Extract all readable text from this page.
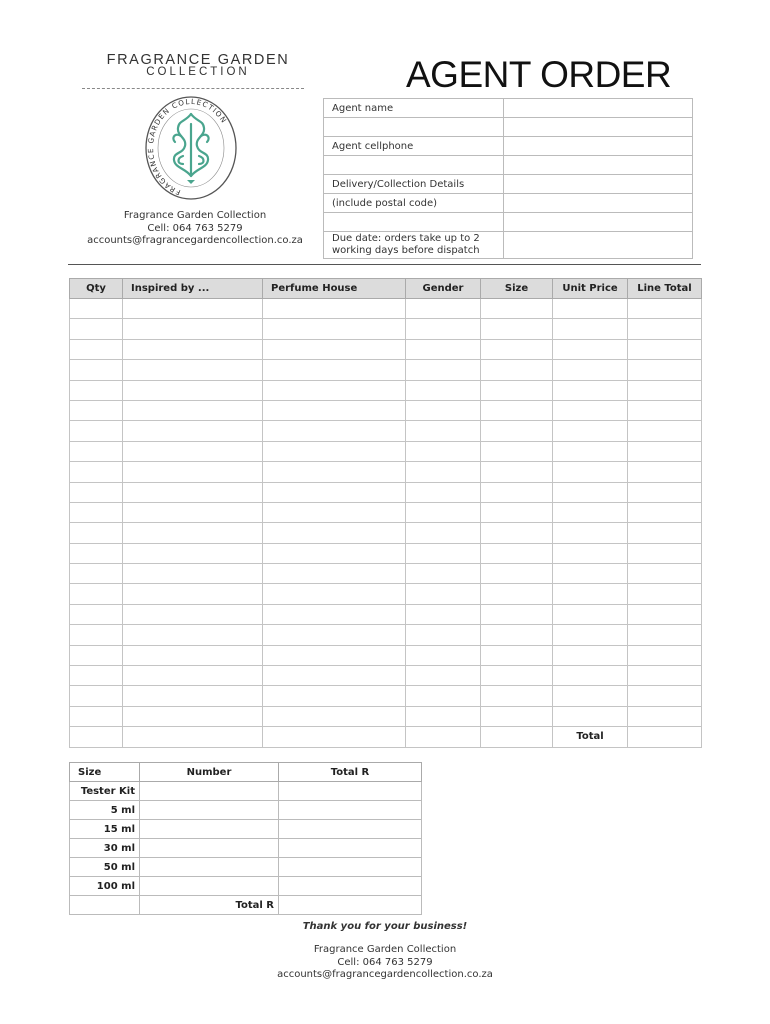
FRAGRANCE GARDEN
COLLECTION
FRAGRANCE GARDEN COLLECTION
Fragrance Garden Collection
Cell: 064 763 5279
accounts@fragrancegardencollection.co.za
AGENT ORDER
Agent name	

Agent cellphone	

Delivery/Collection Details	
(include postal code)	

Due date: orders take up to 2
working days before dispatch	
Qty	Inspired by ...	Perfume House	Gender	Size	Unit Price	Line Total

					Total	
Size	Number	Total R
Tester Kit		
5 ml		
15 ml		
30 ml		
50 ml		
100 ml		
	Total R	
Thank you for your business!
Fragrance Garden Collection
Cell: 064 763 5279
accounts@fragrancegardencollection.co.za
